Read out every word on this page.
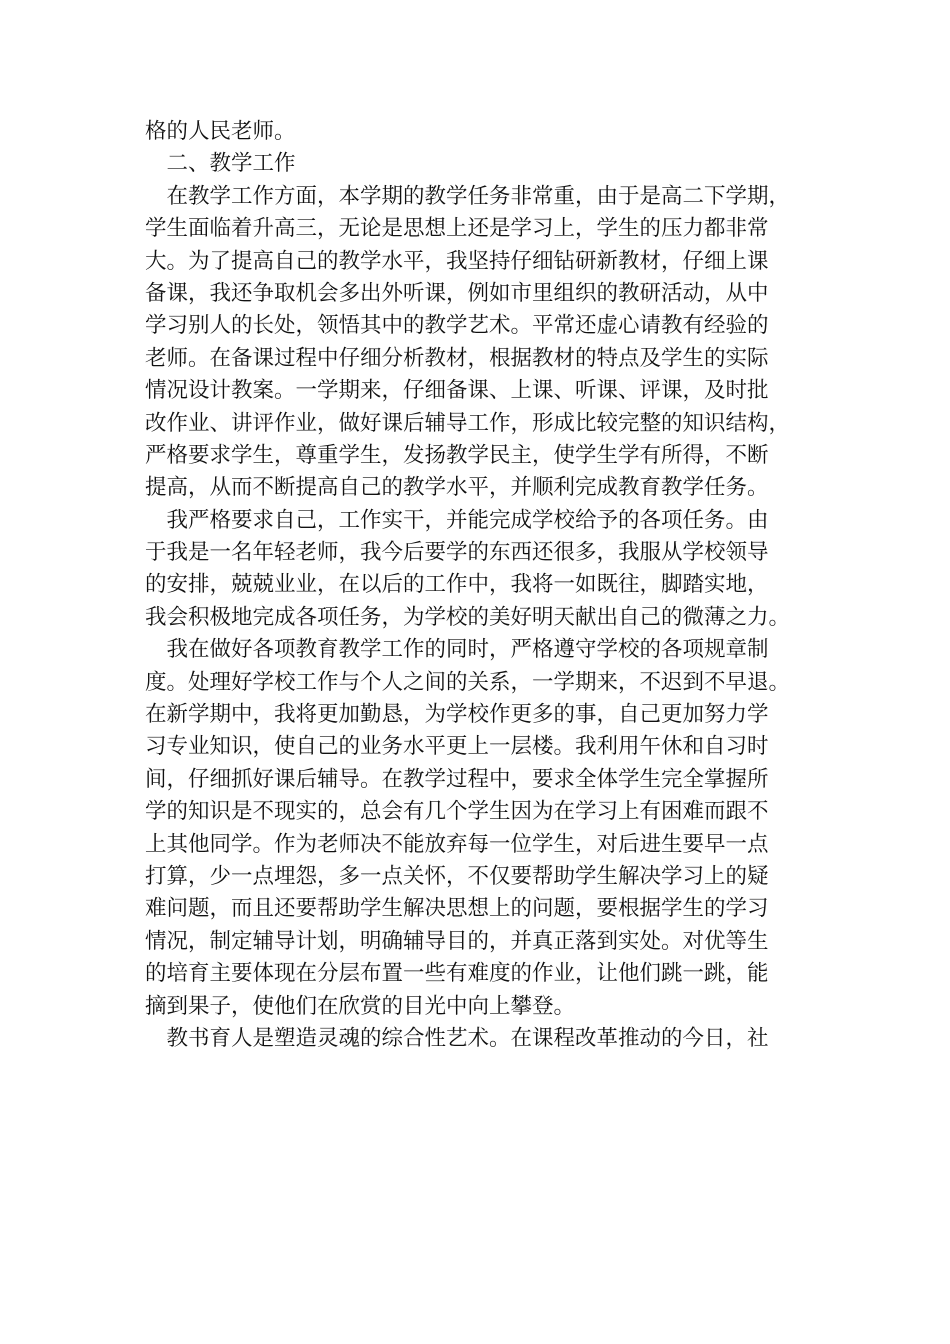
格的人民老师。
　二、教学工作
　在教学工作方面，本学期的教学任务非常重，由于是高二下学期，
学生面临着升高三，无论是思想上还是学习上，学生的压力都非常
大。为了提高自己的教学水平，我坚持仔细钻研新教材，仔细上课
备课，我还争取机会多出外听课，例如市里组织的教研活动，从中
学习别人的长处，领悟其中的教学艺术。平常还虚心请教有经验的
老师。在备课过程中仔细分析教材，根据教材的特点及学生的实际
情况设计教案。一学期来，仔细备课、上课、听课、评课，及时批
改作业、讲评作业，做好课后辅导工作，形成比较完整的知识结构，
严格要求学生，尊重学生，发扬教学民主，使学生学有所得，不断
提高，从而不断提高自己的教学水平，并顺利完成教育教学任务。
　我严格要求自己，工作实干，并能完成学校给予的各项任务。由
于我是一名年轻老师，我今后要学的东西还很多，我服从学校领导
的安排，兢兢业业，在以后的工作中，我将一如既往，脚踏实地，
我会积极地完成各项任务，为学校的美好明天献出自己的微薄之力。
　我在做好各项教育教学工作的同时，严格遵守学校的各项规章制
度。处理好学校工作与个人之间的关系，一学期来，不迟到不早退。
在新学期中，我将更加勤恳，为学校作更多的事，自己更加努力学
习专业知识，使自己的业务水平更上一层楼。我利用午休和自习时
间，仔细抓好课后辅导。在教学过程中，要求全体学生完全掌握所
学的知识是不现实的，总会有几个学生因为在学习上有困难而跟不
上其他同学。作为老师决不能放弃每一位学生，对后进生要早一点
打算，少一点埋怨，多一点关怀，不仅要帮助学生解决学习上的疑
难问题，而且还要帮助学生解决思想上的问题，要根据学生的学习
情况，制定辅导计划，明确辅导目的，并真正落到实处。对优等生
的培育主要体现在分层布置一些有难度的作业，让他们跳一跳，能
摘到果子，使他们在欣赏的目光中向上攀登。
　教书育人是塑造灵魂的综合性艺术。在课程改革推动的今日，社
